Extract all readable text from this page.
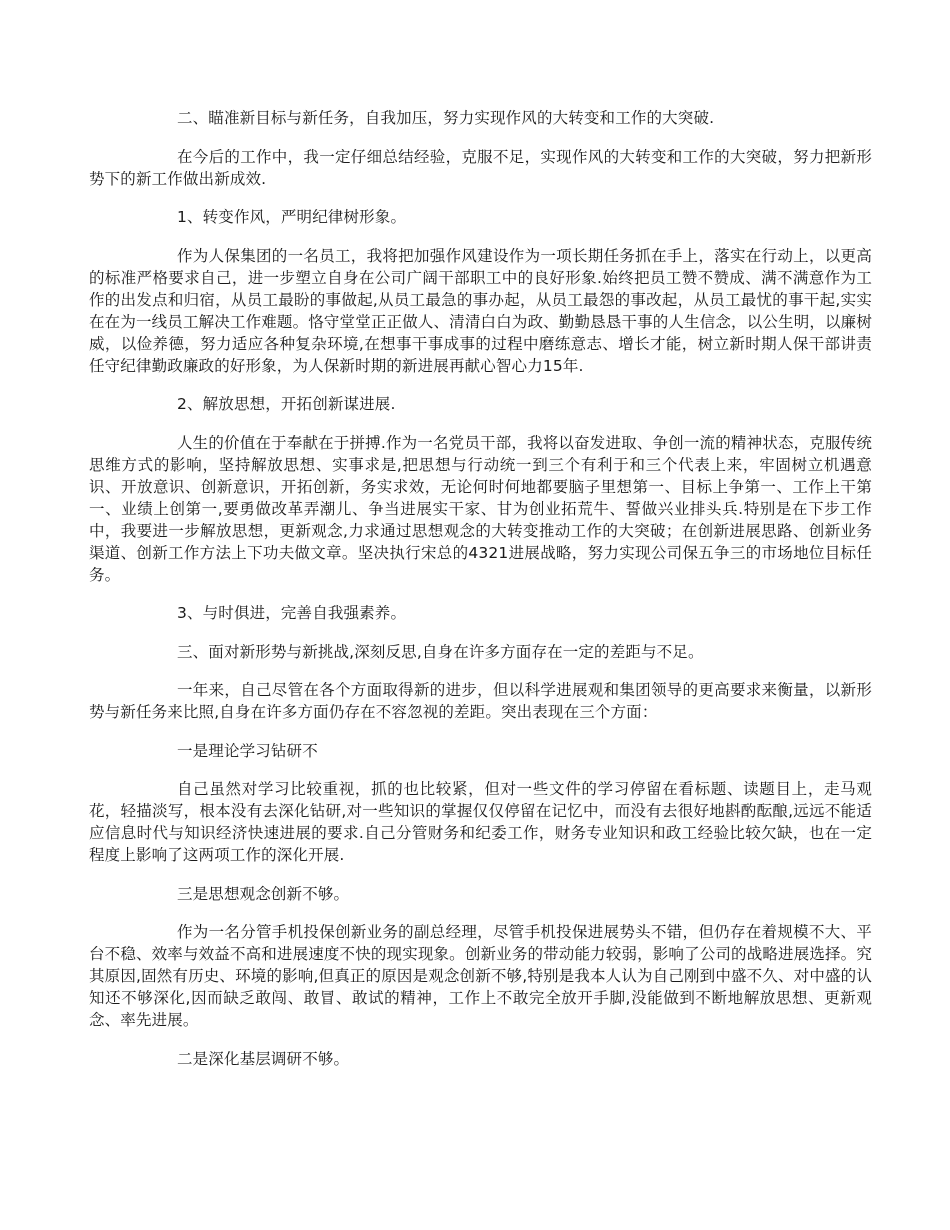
二、瞄准新目标与新任务，自我加压，努力实现作风的大转变和工作的大突破.

在今后的工作中，我一定仔细总结经验，克服不足，实现作风的大转变和工作的大突破，努力把新形势下的新工作做出新成效.

1、转变作风，严明纪律树形象。

作为人保集团的一名员工，我将把加强作风建设作为一项长期任务抓在手上，落实在行动上，以更高的标准严格要求自己，进一步塑立自身在公司广阔干部职工中的良好形象.始终把员工赞不赞成、满不满意作为工作的出发点和归宿，从员工最盼的事做起,从员工最急的事办起，从员工最怨的事改起，从员工最忧的事干起,实实在在为一线员工解决工作难题。恪守堂堂正正做人、清清白白为政、勤勤恳恳干事的人生信念，以公生明，以廉树威，以俭养德，努力适应各种复杂环境,在想事干事成事的过程中磨练意志、增长才能，树立新时期人保干部讲责任守纪律勤政廉政的好形象，为人保新时期的新进展再献心智心力15年.

2、解放思想，开拓创新谋进展.

人生的价值在于奉献在于拼搏.作为一名党员干部，我将以奋发进取、争创一流的精神状态，克服传统思维方式的影响，坚持解放思想、实事求是,把思想与行动统一到三个有利于和三个代表上来，牢固树立机遇意识、开放意识、创新意识，开拓创新，务实求效，无论何时何地都要脑子里想第一、目标上争第一、工作上干第一、业绩上创第一,要勇做改革弄潮儿、争当进展实干家、甘为创业拓荒牛、誓做兴业排头兵.特别是在下步工作中，我要进一步解放思想，更新观念,力求通过思想观念的大转变推动工作的大突破；在创新进展思路、创新业务渠道、创新工作方法上下功夫做文章。坚决执行宋总的4321进展战略，努力实现公司保五争三的市场地位目标任务。

3、与时俱进，完善自我强素养。

三、面对新形势与新挑战,深刻反思,自身在许多方面存在一定的差距与不足。

一年来，自己尽管在各个方面取得新的进步，但以科学进展观和集团领导的更高要求来衡量，以新形势与新任务来比照,自身在许多方面仍存在不容忽视的差距。突出表现在三个方面：

一是理论学习钻研不

自己虽然对学习比较重视，抓的也比较紧，但对一些文件的学习停留在看标题、读题目上，走马观花，轻描淡写，根本没有去深化钻研,对一些知识的掌握仅仅停留在记忆中，而没有去很好地斟酌酝酿,远远不能适应信息时代与知识经济快速进展的要求.自己分管财务和纪委工作，财务专业知识和政工经验比较欠缺，也在一定程度上影响了这两项工作的深化开展.

三是思想观念创新不够。

作为一名分管手机投保创新业务的副总经理，尽管手机投保进展势头不错，但仍存在着规模不大、平台不稳、效率与效益不高和进展速度不快的现实现象。创新业务的带动能力较弱，影响了公司的战略进展选择。究其原因,固然有历史、环境的影响,但真正的原因是观念创新不够,特别是我本人认为自己刚到中盛不久、对中盛的认知还不够深化,因而缺乏敢闯、敢冒、敢试的精神，工作上不敢完全放开手脚,没能做到不断地解放思想、更新观念、率先进展。

二是深化基层调研不够。
